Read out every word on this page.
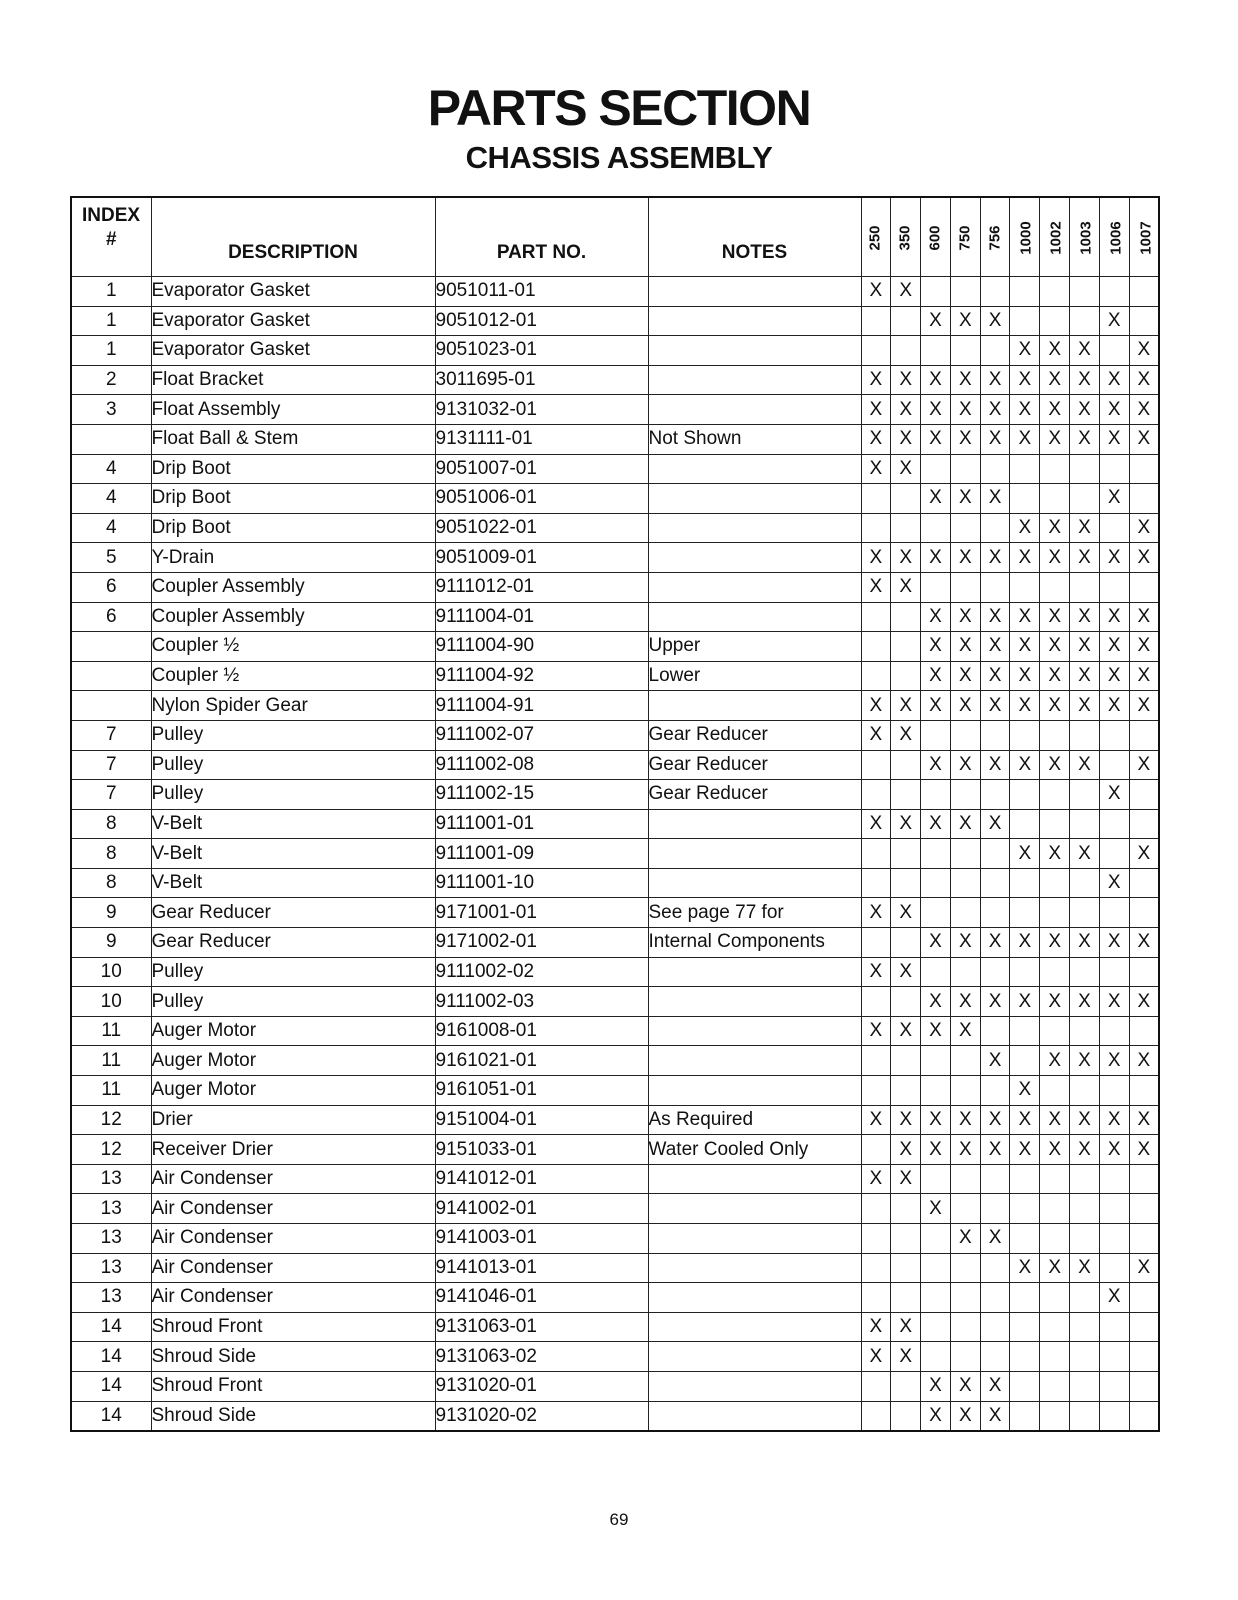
PARTS SECTION
CHASSIS ASSEMBLY
INDEX
#	DESCRIPTION	PART NO.	NOTES	250	350	600	750	756	1000	1002	1003	1006	1007
1	Evaporator Gasket	9051011-01		X	X								
1	Evaporator Gasket	9051012-01				X	X	X				X	
1	Evaporator Gasket	9051023-01							X	X	X		X
2	Float Bracket	3011695-01		X	X	X	X	X	X	X	X	X	X
3	Float Assembly	9131032-01		X	X	X	X	X	X	X	X	X	X
	Float Ball & Stem	9131111-01	Not Shown	X	X	X	X	X	X	X	X	X	X
4	Drip Boot	9051007-01		X	X								
4	Drip Boot	9051006-01				X	X	X				X	
4	Drip Boot	9051022-01							X	X	X		X
5	Y-Drain	9051009-01		X	X	X	X	X	X	X	X	X	X
6	Coupler Assembly	9111012-01		X	X								
6	Coupler Assembly	9111004-01				X	X	X	X	X	X	X	X
	Coupler ½	9111004-90	Upper			X	X	X	X	X	X	X	X
	Coupler ½	9111004-92	Lower			X	X	X	X	X	X	X	X
	Nylon Spider Gear	9111004-91		X	X	X	X	X	X	X	X	X	X
7	Pulley	9111002-07	Gear Reducer	X	X								
7	Pulley	9111002-08	Gear Reducer			X	X	X	X	X	X		X
7	Pulley	9111002-15	Gear Reducer									X	
8	V-Belt	9111001-01		X	X	X	X	X					
8	V-Belt	9111001-09							X	X	X		X
8	V-Belt	9111001-10										X	
9	Gear Reducer	9171001-01	See page 77 for	X	X								
9	Gear Reducer	9171002-01	Internal Components			X	X	X	X	X	X	X	X
10	Pulley	9111002-02		X	X								
10	Pulley	9111002-03				X	X	X	X	X	X	X	X
11	Auger Motor	9161008-01		X	X	X	X						
11	Auger Motor	9161021-01						X		X	X	X	X
11	Auger Motor	9161051-01							X				
12	Drier	9151004-01	As Required	X	X	X	X	X	X	X	X	X	X
12	Receiver Drier	9151033-01	Water Cooled Only		X	X	X	X	X	X	X	X	X
13	Air Condenser	9141012-01		X	X								
13	Air Condenser	9141002-01				X							
13	Air Condenser	9141003-01					X	X					
13	Air Condenser	9141013-01							X	X	X		X
13	Air Condenser	9141046-01										X	
14	Shroud Front	9131063-01		X	X								
14	Shroud Side	9131063-02		X	X								
14	Shroud Front	9131020-01				X	X	X					
14	Shroud Side	9131020-02				X	X	X					
69
